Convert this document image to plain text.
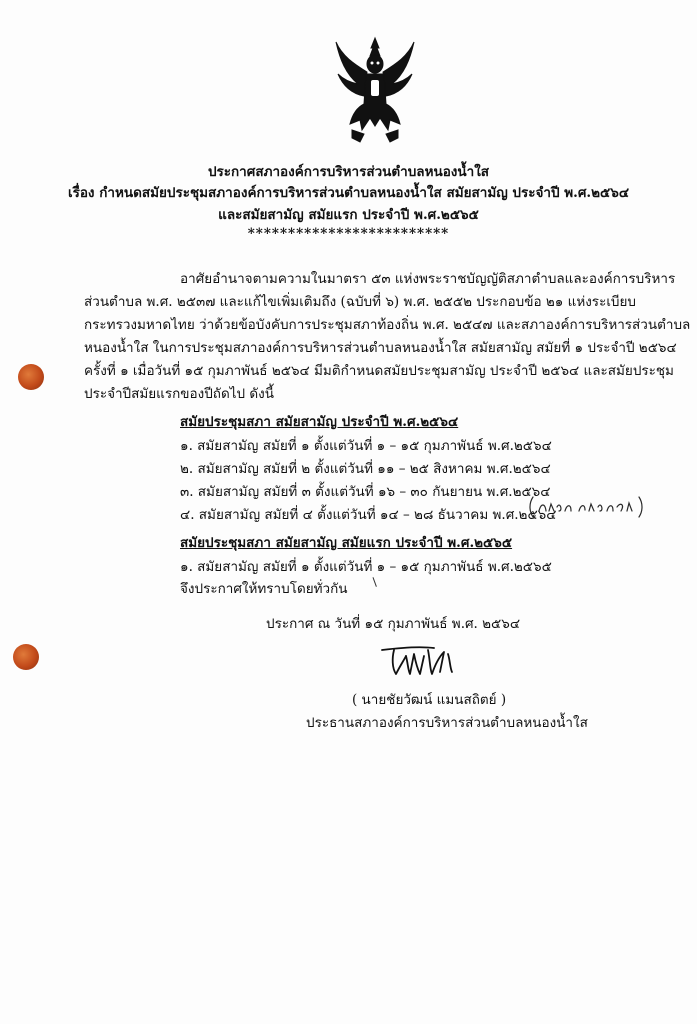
ประกาศสภาองค์การบริหารส่วนตำบลหนองน้ำใส
เรื่อง กำหนดสมัยประชุมสภาองค์การบริหารส่วนตำบลหนองน้ำใส สมัยสามัญ ประจำปี พ.ศ.๒๕๖๔
และสมัยสามัญ สมัยแรก ประจำปี พ.ศ.๒๕๖๕
*************************
อาศัยอำนาจตามความในมาตรา ๕๓ แห่งพระราชบัญญัติสภาตำบลและองค์การบริหาร
ส่วนตำบล พ.ศ. ๒๕๓๗ และแก้ไขเพิ่มเติมถึง (ฉบับที่ ๖) พ.ศ. ๒๕๕๒ ประกอบข้อ ๒๑ แห่งระเบียบ
กระทรวงมหาดไทย ว่าด้วยข้อบังคับการประชุมสภาท้องถิ่น พ.ศ. ๒๕๔๗ และสภาองค์การบริหารส่วนตำบล
หนองน้ำใส ในการประชุมสภาองค์การบริหารส่วนตำบลหนองน้ำใส สมัยสามัญ สมัยที่ ๑ ประจำปี ๒๕๖๔
ครั้งที่ ๑ เมื่อวันที่ ๑๕ กุมภาพันธ์ ๒๕๖๔ มีมติกำหนดสมัยประชุมสามัญ ประจำปี ๒๕๖๔ และสมัยประชุม
ประจำปีสมัยแรกของปีถัดไป ดังนี้
สมัยประชุมสภา สมัยสามัญ ประจำปี พ.ศ.๒๕๖๔
๑. สมัยสามัญ สมัยที่ ๑ ตั้งแต่วันที่ ๑ – ๑๕ กุมภาพันธ์ พ.ศ.๒๕๖๔
๒. สมัยสามัญ สมัยที่ ๒ ตั้งแต่วันที่ ๑๑ – ๒๕ สิงหาคม พ.ศ.๒๕๖๔
๓. สมัยสามัญ สมัยที่ ๓ ตั้งแต่วันที่ ๑๖ – ๓๐ กันยายน พ.ศ.๒๕๖๔
๔. สมัยสามัญ สมัยที่ ๔ ตั้งแต่วันที่ ๑๔ – ๒๘ ธันวาคม พ.ศ.๒๕๖๔
สมัยประชุมสภา สมัยสามัญ สมัยแรก ประจำปี พ.ศ.๒๕๖๕
๑. สมัยสามัญ สมัยที่ ๑ ตั้งแต่วันที่ ๑ – ๑๕ กุมภาพันธ์ พ.ศ.๒๕๖๕
จึงประกาศให้ทราบโดยทั่วกัน
ประกาศ ณ วันที่ ๑๕ กุมภาพันธ์ พ.ศ. ๒๕๖๔
( นายชัยวัฒน์ แมนสถิตย์ )
ประธานสภาองค์การบริหารส่วนตำบลหนองน้ำใส
